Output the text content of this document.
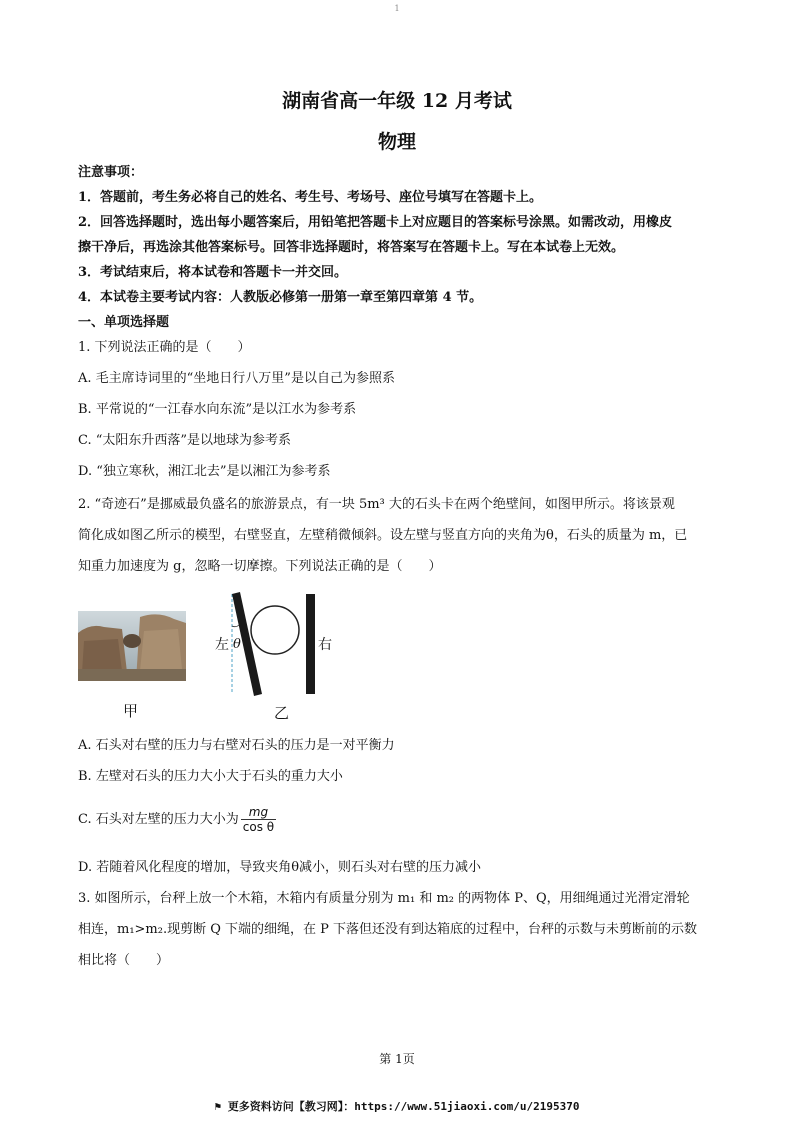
1
湖南省高一年级 12 月考试
物理
注意事项：
1．答题前，考生务必将自己的姓名、考生号、考场号、座位号填写在答题卡上。
2．回答选择题时，选出每小题答案后，用铅笔把答题卡上对应题目的答案标号涂黑。如需改动，用橡皮
擦干净后，再选涂其他答案标号。回答非选择题时，将答案写在答题卡上。写在本试卷上无效。
3．考试结束后，将本试卷和答题卡一并交回。
4．本试卷主要考试内容：人教版必修第一册第一章至第四章第 4 节。
一、单项选择题
1. 下列说法正确的是（　　）
A. 毛主席诗词里的“坐地日行八万里”是以自己为参照系
B. 平常说的“一江春水向东流”是以江水为参考系
C. “太阳东升西落”是以地球为参考系
D. “独立寒秋，湘江北去”是以湘江为参考系
2. “奇迹石”是挪威最负盛名的旅游景点，有一块 5m³ 大的石头卡在两个绝壁间，如图甲所示。将该景观
简化成如图乙所示的模型，右壁竖直，左壁稍微倾斜。设左壁与竖直方向的夹角为θ，石头的质量为 m，已
知重力加速度为 g，忽略一切摩擦。下列说法正确的是（　　）
甲
左 θ	右
乙
A. 石头对右壁的压力与右壁对石头的压力是一对平衡力
B. 左壁对石头的压力大小大于石头的重力大小
C. 石头对左壁的压力大小为 $\frac{mg}{\text{cos θ}}$
D. 若随着风化程度的增加，导致夹角θ减小，则石头对右壁的压力减小
3. 如图所示，台秤上放一个木箱，木箱内有质量分别为 m₁ 和 m₂ 的两物体 P、Q，用细绳通过光滑定滑轮
相连，m₁>m₂.现剪断 Q 下端的细绳，在 P 下落但还没有到达箱底的过程中，台秤的示数与未剪断前的示数
相比将（　　）
第 1页
⚑ 更多资料访问【教习网】：https://www.51jiaoxi.com/u/2195370
